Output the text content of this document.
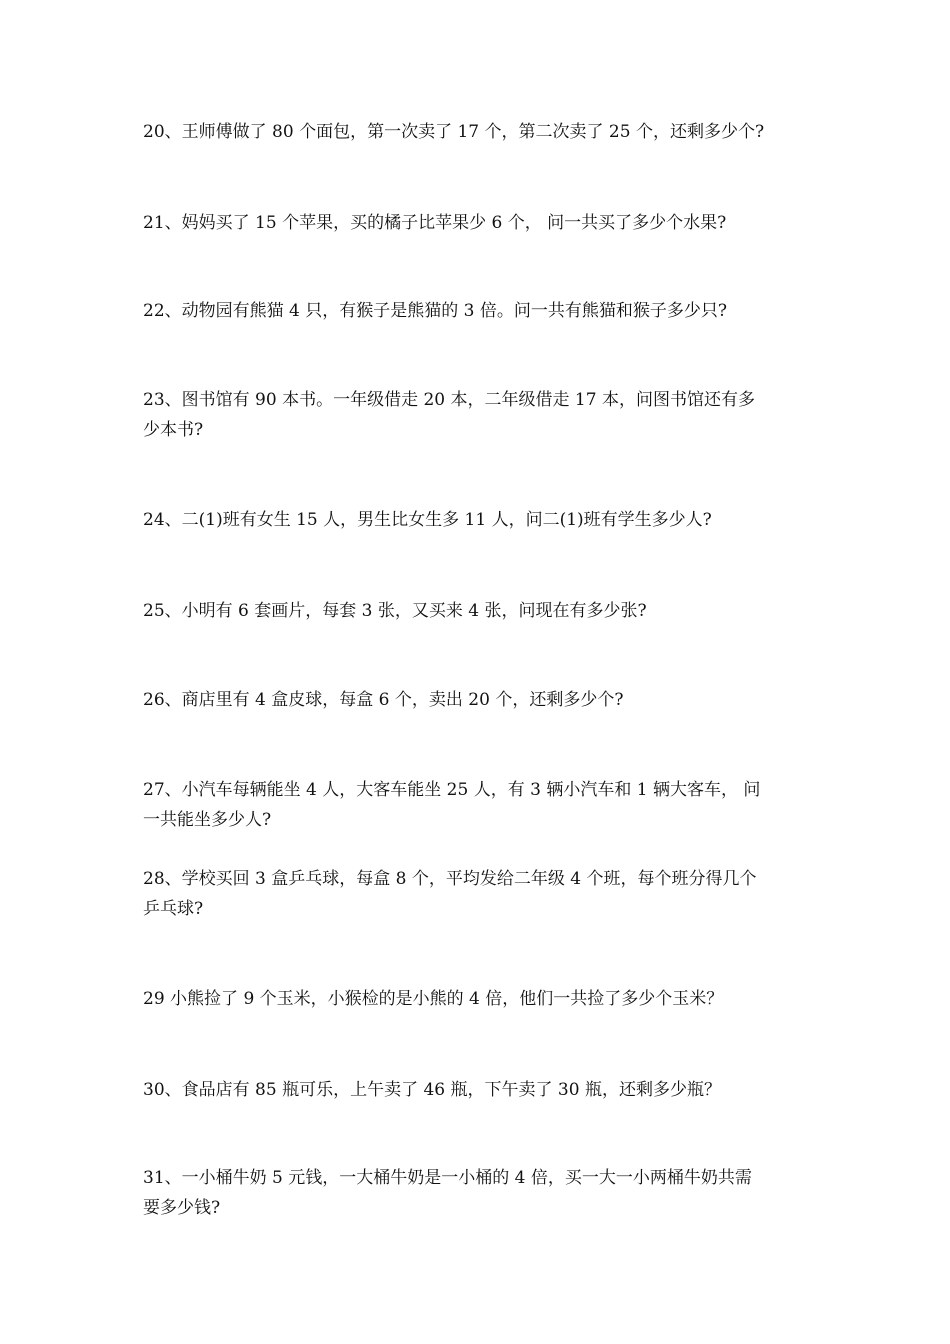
20、王师傅做了 80 个面包，第一次卖了 17 个，第二次卖了 25 个，还剩多少个?

21、妈妈买了 15 个苹果，买的橘子比苹果少 6 个， 问一共买了多少个水果?

22、动物园有熊猫 4 只，有猴子是熊猫的 3 倍。问一共有熊猫和猴子多少只?

23、图书馆有 90 本书。一年级借走 20 本，二年级借走 17 本，问图书馆还有多
少本书?

24、二(1)班有女生 15 人，男生比女生多 11 人，问二(1)班有学生多少人?

25、小明有 6 套画片，每套 3 张，又买来 4 张，问现在有多少张?

26、商店里有 4 盒皮球，每盒 6 个，卖出 20 个，还剩多少个?

27、小汽车每辆能坐 4 人，大客车能坐 25 人，有 3 辆小汽车和 1 辆大客车， 问
一共能坐多少人?

28、学校买回 3 盒乒乓球，每盒 8 个，平均发给二年级 4 个班，每个班分得几个
乒乓球?

29 小熊捡了 9 个玉米，小猴检的是小熊的 4 倍，他们一共捡了多少个玉米？

30、食品店有 85 瓶可乐，上午卖了 46 瓶，下午卖了 30 瓶，还剩多少瓶？

31、一小桶牛奶 5 元钱，一大桶牛奶是一小桶的 4 倍，买一大一小两桶牛奶共需
要多少钱?
